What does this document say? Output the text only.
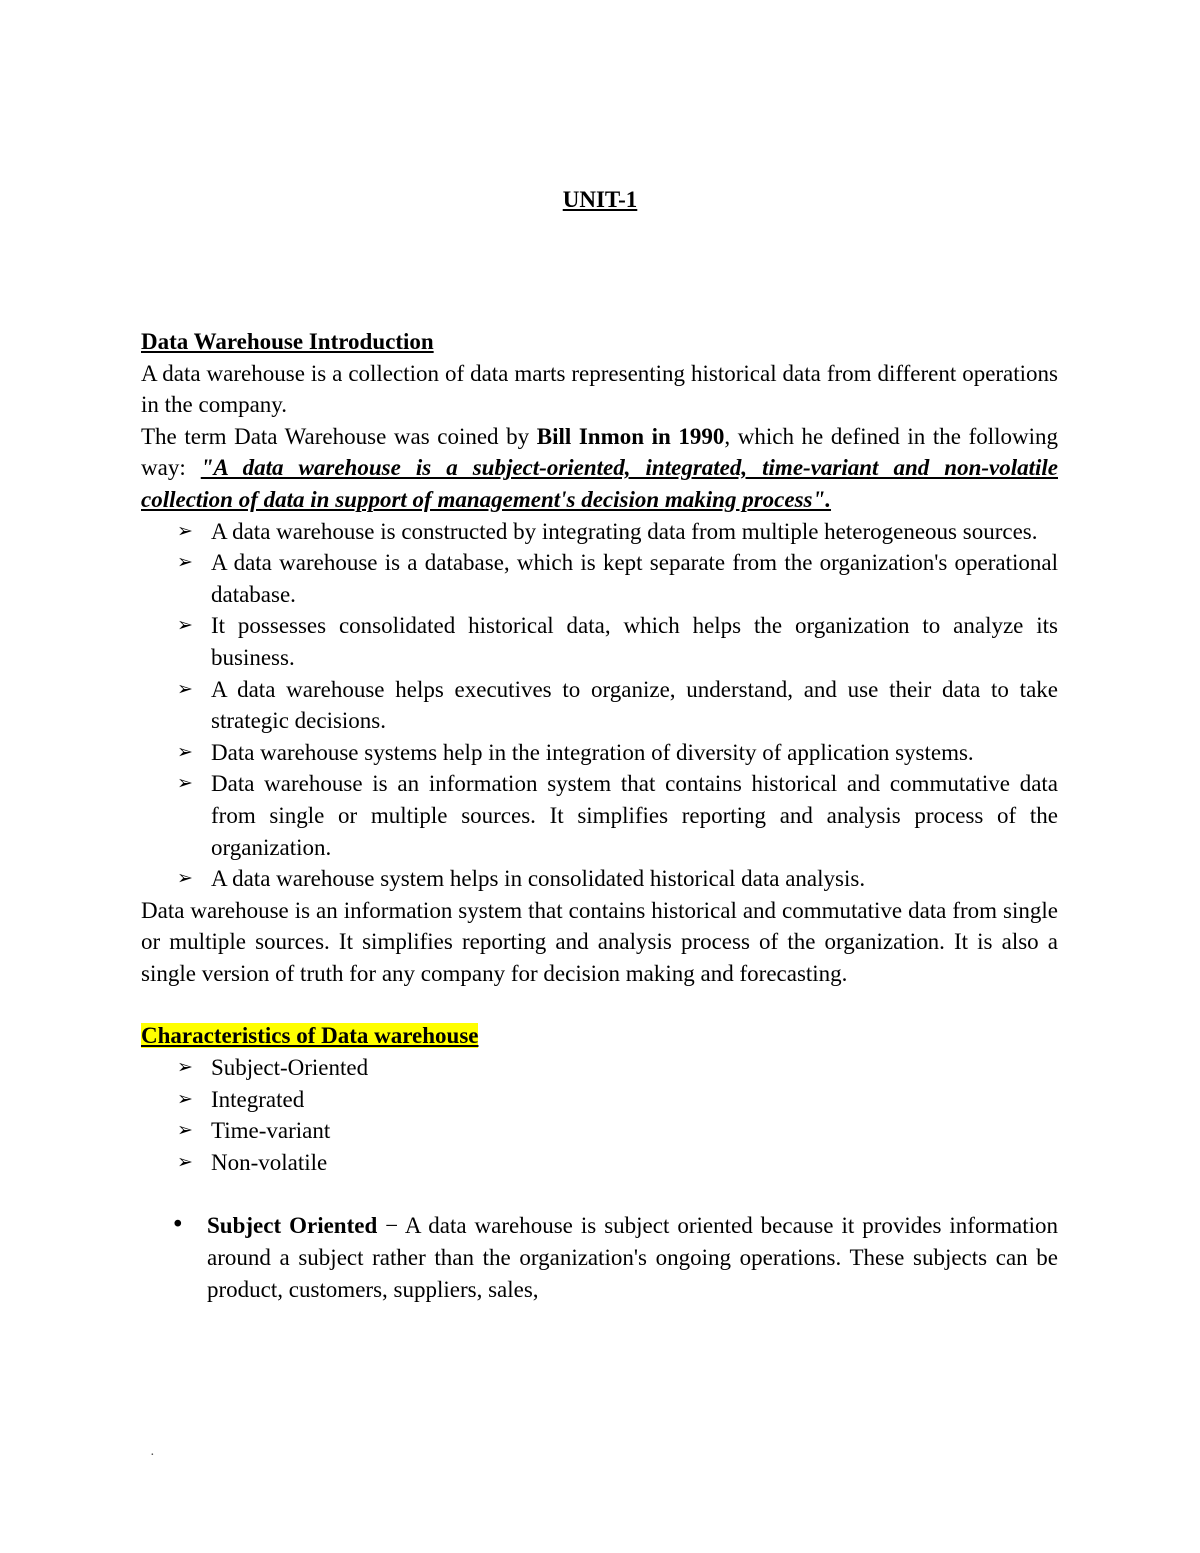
UNIT-1

Data Warehouse Introduction

A data warehouse is a collection of data marts representing historical data from different operations in the company.

The term Data Warehouse was coined by Bill Inmon in 1990, which he defined in the following way: "A data warehouse is a subject-oriented, integrated, time-variant and non-volatile collection of data in support of management's decision making process".

➢ A data warehouse is constructed by integrating data from multiple heterogeneous sources.
➢ A data warehouse is a database, which is kept separate from the organization's operational database.
➢ It possesses consolidated historical data, which helps the organization to analyze its business.
➢ A data warehouse helps executives to organize, understand, and use their data to take strategic decisions.
➢ Data warehouse systems help in the integration of diversity of application systems.
➢ Data warehouse is an information system that contains historical and commutative data from single or multiple sources. It simplifies reporting and analysis process of the organization.
➢ A data warehouse system helps in consolidated historical data analysis.

Data warehouse is an information system that contains historical and commutative data from single or multiple sources. It simplifies reporting and analysis process of the organization. It is also a single version of truth for any company for decision making and forecasting.

Characteristics of Data warehouse

➢ Subject-Oriented
➢ Integrated
➢ Time-variant
➢ Non-volatile
• Subject Oriented − A data warehouse is subject oriented because it provides information around a subject rather than the organization's ongoing operations. These subjects can be product, customers, suppliers, sales,
·
